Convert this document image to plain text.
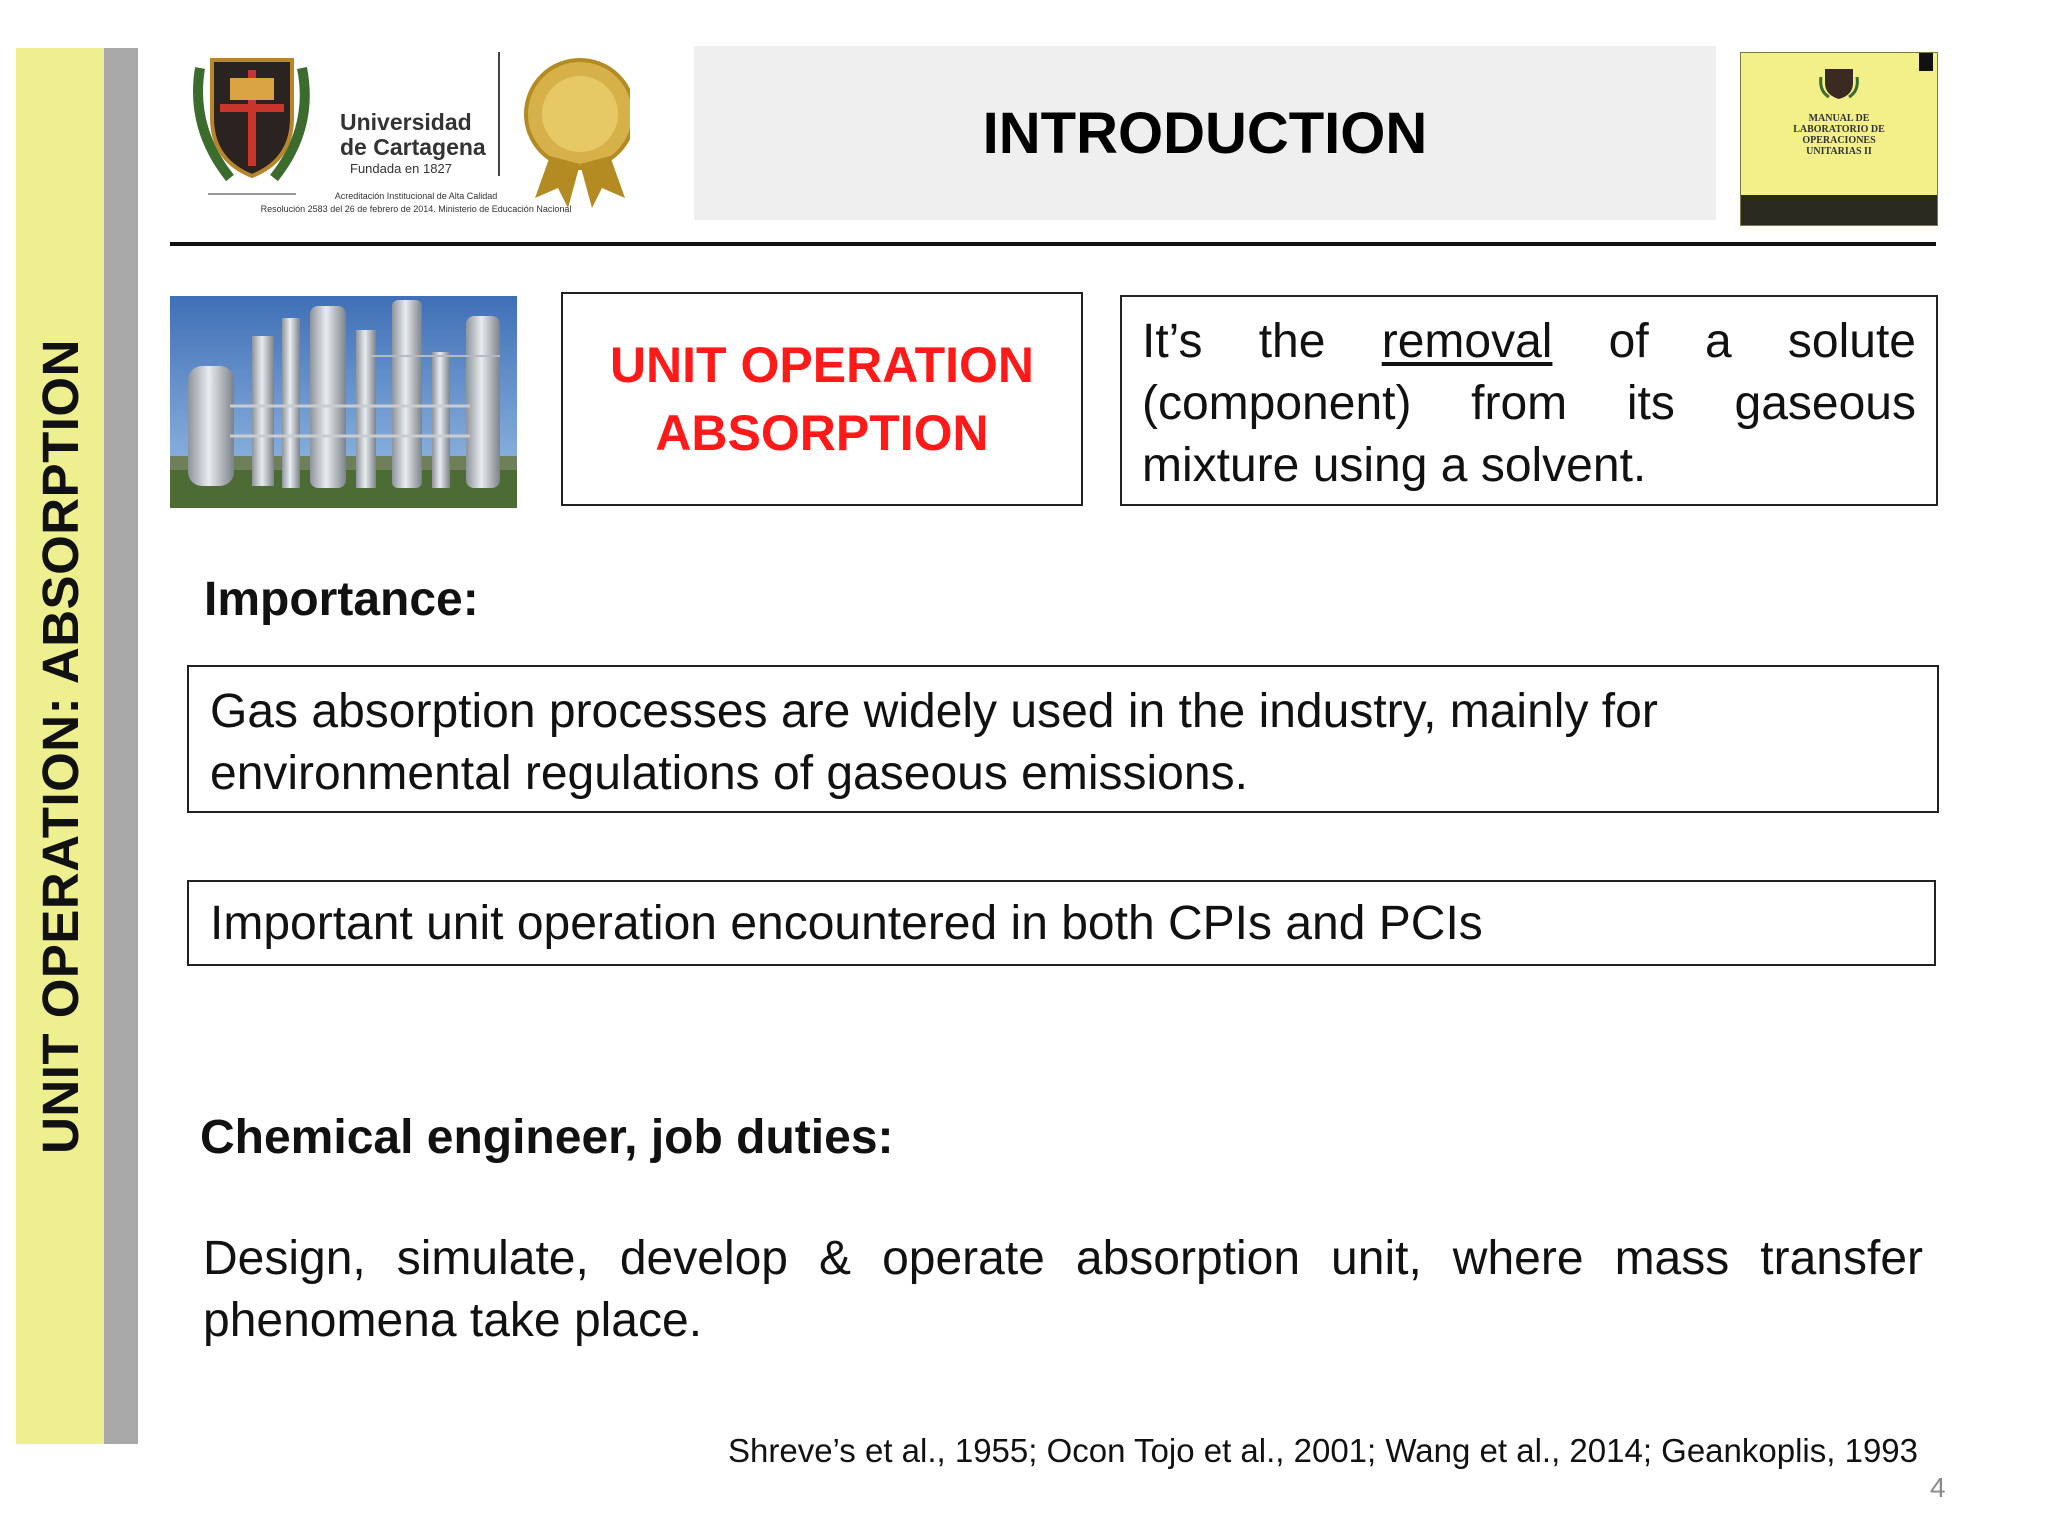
UNIT OPERATION: ABSORPTION
Universidad
de Cartagena
Fundada en 1827
Acreditación Institucional de Alta Calidad
Resolución 2583 del 26 de febrero de 2014. Ministerio de Educación Nacional
INTRODUCTION	MANUAL DE
LABORATORIO DE
OPERACIONES
UNITARIAS II
UNIT OPERATION
ABSORPTION

It’s the removal of a solute

(component) from its gaseous

mixture using a solvent.

Importance:

Gas absorption processes are widely used in the industry, mainly for

environmental regulations of gaseous emissions.

Important unit operation encountered in both CPIs and PCIs

Chemical engineer, job duties:
Design, simulate, develop & operate absorption unit, where mass transfer
phenomena take place.
Shreve’s et al., 1955; Ocon Tojo et al., 2001; Wang et al., 2014; Geankoplis, 1993
4
